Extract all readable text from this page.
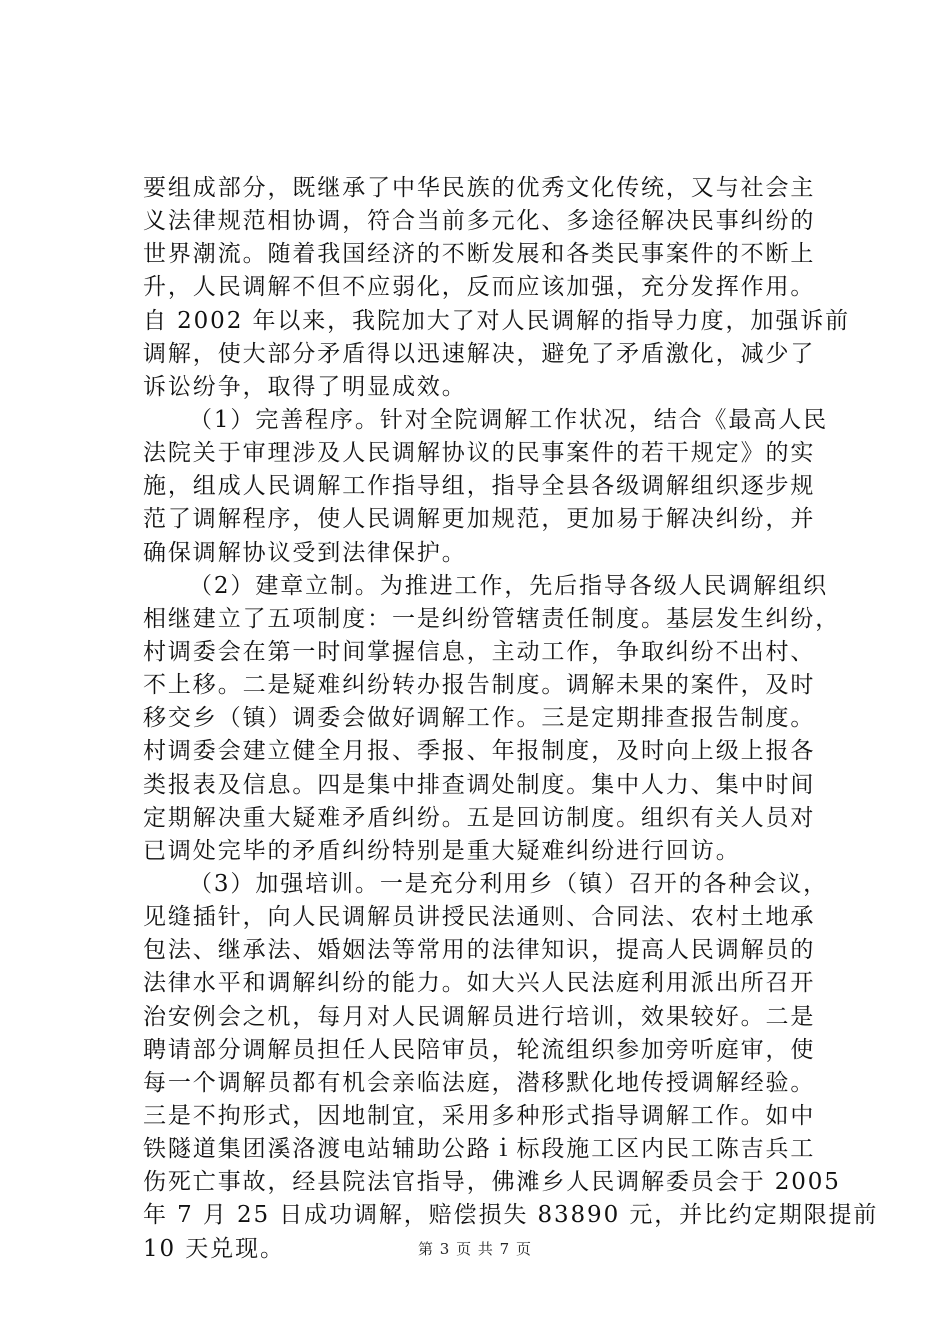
要组成部分，既继承了中华民族的优秀文化传统，又与社会主
义法律规范相协调，符合当前多元化、多途径解决民事纠纷的
世界潮流。随着我国经济的不断发展和各类民事案件的不断上
升，人民调解不但不应弱化，反而应该加强，充分发挥作用。
自 2002 年以来，我院加大了对人民调解的指导力度，加强诉前
调解，使大部分矛盾得以迅速解决，避免了矛盾激化，减少了
诉讼纷争，取得了明显成效。
（1）完善程序。针对全院调解工作状况，结合《最高人民
法院关于审理涉及人民调解协议的民事案件的若干规定》的实
施，组成人民调解工作指导组，指导全县各级调解组织逐步规
范了调解程序，使人民调解更加规范，更加易于解决纠纷，并
确保调解协议受到法律保护。
（2）建章立制。为推进工作，先后指导各级人民调解组织
相继建立了五项制度：一是纠纷管辖责任制度。基层发生纠纷，
村调委会在第一时间掌握信息，主动工作，争取纠纷不出村、
不上移。二是疑难纠纷转办报告制度。调解未果的案件，及时
移交乡（镇）调委会做好调解工作。三是定期排查报告制度。
村调委会建立健全月报、季报、年报制度，及时向上级上报各
类报表及信息。四是集中排查调处制度。集中人力、集中时间
定期解决重大疑难矛盾纠纷。五是回访制度。组织有关人员对
已调处完毕的矛盾纠纷特别是重大疑难纠纷进行回访。
（3）加强培训。一是充分利用乡（镇）召开的各种会议，
见缝插针，向人民调解员讲授民法通则、合同法、农村土地承
包法、继承法、婚姻法等常用的法律知识，提高人民调解员的
法律水平和调解纠纷的能力。如大兴人民法庭利用派出所召开
治安例会之机，每月对人民调解员进行培训，效果较好。二是
聘请部分调解员担任人民陪审员，轮流组织参加旁听庭审，使
每一个调解员都有机会亲临法庭，潜移默化地传授调解经验。
三是不拘形式，因地制宜，采用多种形式指导调解工作。如中
铁隧道集团溪洛渡电站辅助公路ｉ标段施工区内民工陈吉兵工
伤死亡事故，经县院法官指导，佛滩乡人民调解委员会于 2005
年 7 月 25 日成功调解，赔偿损失 83890 元，并比约定期限提前
10 天兑现。	第 3 页 共 7 页
